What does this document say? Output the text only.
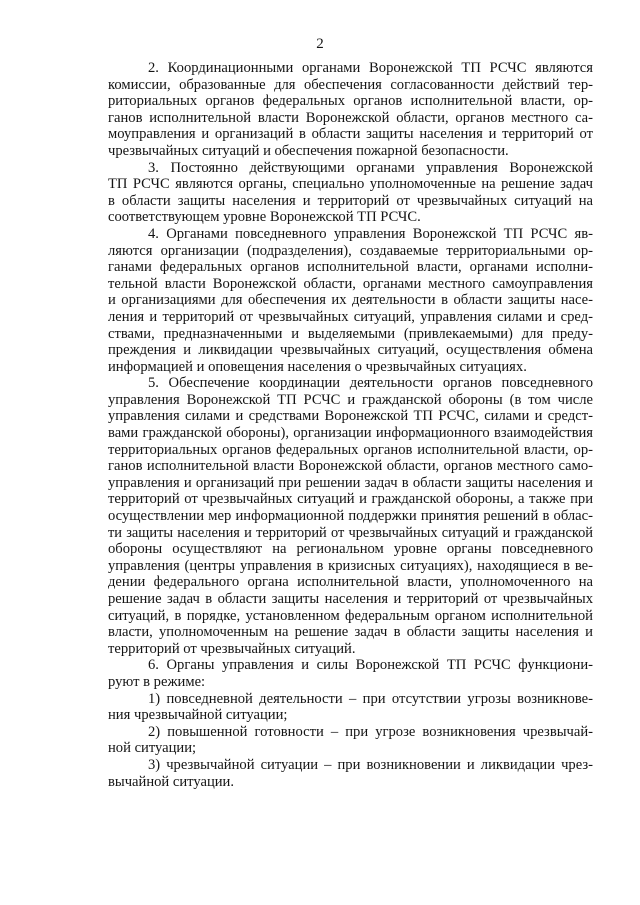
2
2. Координационными органами Воронежской ТП РСЧС являются
комиссии, образованные для обеспечения согласованности действий тер-
риториальных органов федеральных органов исполнительной власти, ор-
ганов исполнительной власти Воронежской области, органов местного са-
моуправления и организаций в области защиты населения и территорий от
чрезвычайных ситуаций и обеспечения пожарной безопасности.
3. Постоянно действующими органами управления Воронежской
ТП РСЧС являются органы, специально уполномоченные на решение задач
в области защиты населения и территорий от чрезвычайных ситуаций на
соответствующем уровне Воронежской ТП РСЧС.
4. Органами повседневного управления Воронежской ТП РСЧС яв-
ляются организации (подразделения), создаваемые территориальными ор-
ганами федеральных органов исполнительной власти, органами исполни-
тельной власти Воронежской области, органами местного самоуправления
и организациями для обеспечения их деятельности в области защиты насе-
ления и территорий от чрезвычайных ситуаций, управления силами и сред-
ствами, предназначенными и выделяемыми (привлекаемыми) для преду-
преждения и ликвидации чрезвычайных ситуаций, осуществления обмена
информацией и оповещения населения о чрезвычайных ситуациях.
5. Обеспечение координации деятельности органов повседневного
управления Воронежской ТП РСЧС и гражданской обороны (в том числе
управления силами и средствами Воронежской ТП РСЧС, силами и средст-
вами гражданской обороны), организации информационного взаимодействия
территориальных органов федеральных органов исполнительной власти, ор-
ганов исполнительной власти Воронежской области, органов местного само-
управления и организаций при решении задач в области защиты населения и
территорий от чрезвычайных ситуаций и гражданской обороны, а также при
осуществлении мер информационной поддержки принятия решений в облас-
ти защиты населения и территорий от чрезвычайных ситуаций и гражданской
обороны осуществляют на региональном уровне органы повседневного
управления (центры управления в кризисных ситуациях), находящиеся в ве-
дении федерального органа исполнительной власти, уполномоченного на
решение задач в области защиты населения и территорий от чрезвычайных
ситуаций, в порядке, установленном федеральным органом исполнительной
власти, уполномоченным на решение задач в области защиты населения и
территорий от чрезвычайных ситуаций.
6. Органы управления и силы Воронежской ТП РСЧС функциони-
руют в режиме:
1) повседневной деятельности – при отсутствии угрозы возникнове-
ния чрезвычайной ситуации;
2) повышенной готовности – при угрозе возникновения чрезвычай-
ной ситуации;
3) чрезвычайной ситуации – при возникновении и ликвидации чрез-
вычайной ситуации.
